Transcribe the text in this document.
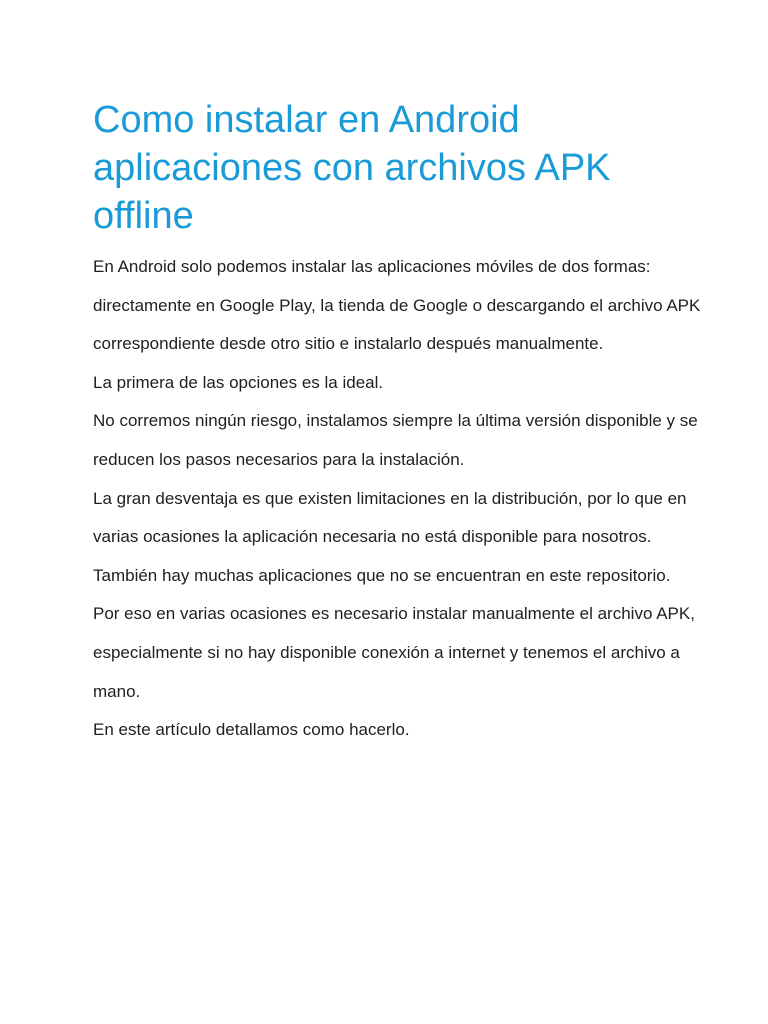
Como instalar en Android aplicaciones con archivos APK offline

En Android solo podemos instalar las aplicaciones móviles de dos formas: directamente en Google Play, la tienda de Google o descargando el archivo APK correspondiente desde otro sitio e instalarlo después manualmente.

La primera de las opciones es la ideal.

No corremos ningún riesgo, instalamos siempre la última versión disponible y se reducen los pasos necesarios para la instalación.

La gran desventaja es que existen limitaciones en la distribución, por lo que en varias ocasiones la aplicación necesaria no está disponible para nosotros.

También hay muchas aplicaciones que no se encuentran en este repositorio.

Por eso en varias ocasiones es necesario instalar manualmente el archivo APK, especialmente si no hay disponible conexión a internet y tenemos el archivo a mano.

En este artículo detallamos como hacerlo.
